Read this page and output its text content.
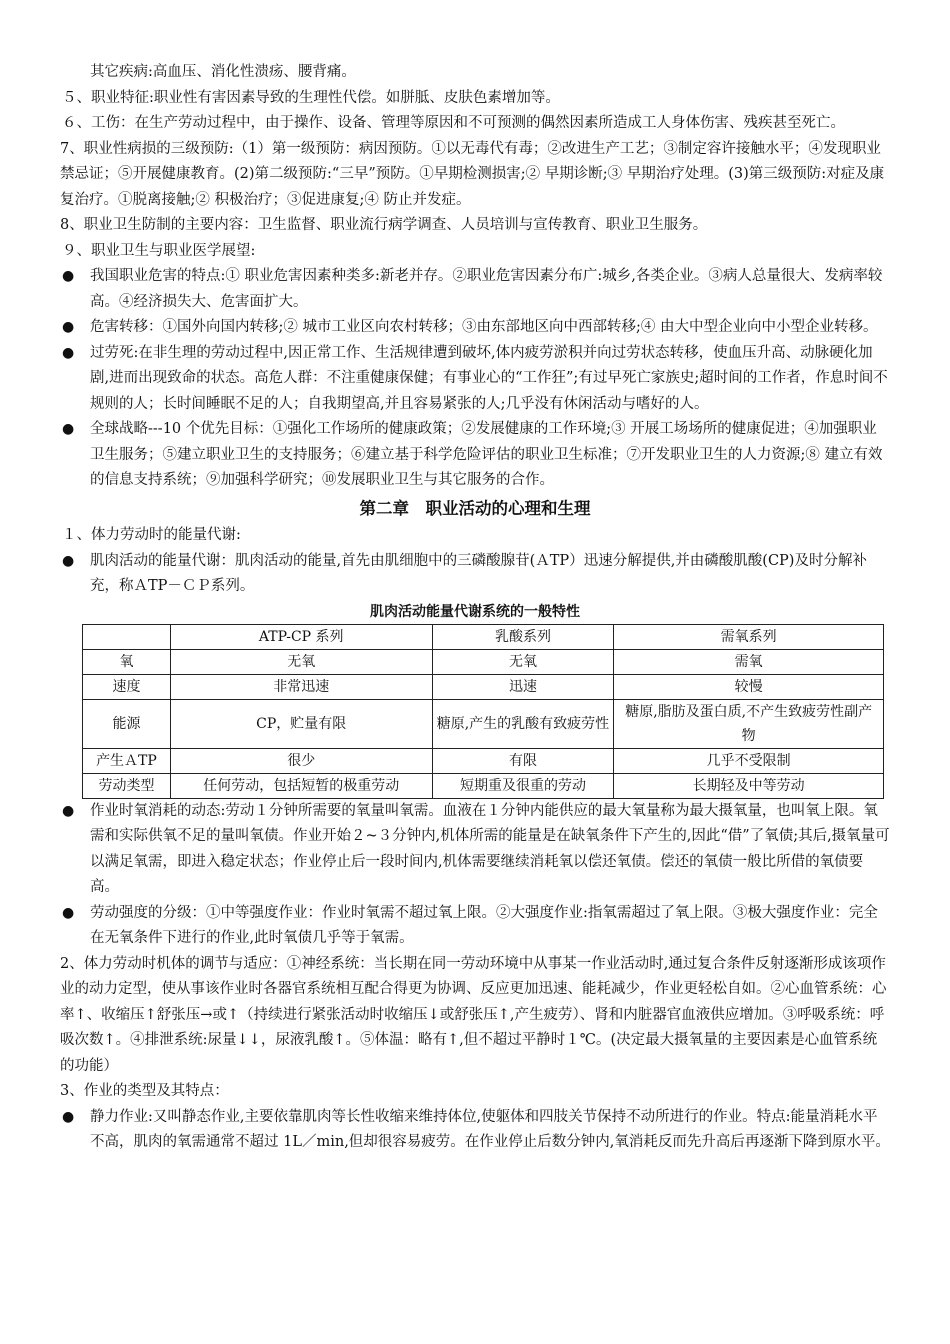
其它疾病:高血压、消化性溃疡、腰背痛。

５、职业特征:职业性有害因素导致的生理性代偿。如胼胝、皮肤色素增加等。

６、工伤：在生产劳动过程中，由于操作、设备、管理等原因和不可预测的偶然因素所造成工人身体伤害、残疾甚至死亡。

7、职业性病损的三级预防:（1）第一级预防：病因预防。①以无毒代有毒；②改进生产工艺；③制定容许接触水平；④发现职业禁忌证；⑤开展健康教育。(2)第二级预防:“三早”预防。①早期检测损害;② 早期诊断;③ 早期治疗处理。(3)第三级预防:对症及康复治疗。①脱离接触;② 积极治疗；③促进康复;④ 防止并发症。

8、职业卫生防制的主要内容：卫生监督、职业流行病学调查、人员培训与宣传教育、职业卫生服务。

９、职业卫生与职业医学展望:

● 我国职业危害的特点:① 职业危害因素种类多:新老并存。②职业危害因素分布广:城乡,各类企业。③病人总量很大、发病率较高。④经济损失大、危害面扩大。
● 危害转移：①国外向国内转移;② 城市工业区向农村转移；③由东部地区向中西部转移;④ 由大中型企业向中小型企业转移。
● 过劳死:在非生理的劳动过程中,因正常工作、生活规律遭到破坏,体内疲劳淤积并向过劳状态转移，使血压升高、动脉硬化加剧,进而出现致命的状态。高危人群：不注重健康保健；有事业心的“工作狂”;有过早死亡家族史;超时间的工作者，作息时间不规则的人；长时间睡眠不足的人；自我期望高,并且容易紧张的人;几乎没有休闲活动与嗜好的人。
● 全球战略---10 个优先目标：①强化工作场所的健康政策；②发展健康的工作环境;③ 开展工场场所的健康促进；④加强职业卫生服务；⑤建立职业卫生的支持服务；⑥建立基于科学危险评估的职业卫生标准；⑦开发职业卫生的人力资源;⑧ 建立有效的信息支持系统；⑨加强科学研究；⑩发展职业卫生与其它服务的合作。
第二章　职业活动的心理和生理

１、体力劳动时的能量代谢:

● 肌肉活动的能量代谢：肌肉活动的能量,首先由肌细胞中的三磷酸腺苷(ＡTP）迅速分解提供,并由磷酸肌酸(CP)及时分解补充，称ＡTP－ＣＰ系列。
肌肉活动能量代谢系统的一般特性
	ATP-CP 系列	乳酸系列	需氧系列
氧	无氧	无氧	需氧
速度	非常迅速	迅速	较慢
能源	CP，贮量有限	糖原,产生的乳酸有致疲劳性	糖原,脂肪及蛋白质,不产生致疲劳性副产物
产生ＡTP	很少	有限	几乎不受限制
劳动类型	任何劳动，包括短暂的极重劳动	短期重及很重的劳动	长期轻及中等劳动
● 作业时氧消耗的动态:劳动１分钟所需要的氧量叫氧需。血液在１分钟内能供应的最大氧量称为最大摄氧量，也叫氧上限。氧需和实际供氧不足的量叫氧债。作业开始２~３分钟内,机体所需的能量是在缺氧条件下产生的,因此“借”了氧债;其后,摄氧量可以满足氧需，即进入稳定状态；作业停止后一段时间内,机体需要继续消耗氧以偿还氧债。偿还的氧债一般比所借的氧债要高。
● 劳动强度的分级：①中等强度作业：作业时氧需不超过氧上限。②大强度作业:指氧需超过了氧上限。③极大强度作业：完全在无氧条件下进行的作业,此时氧债几乎等于氧需。

2、体力劳动时机体的调节与适应：①神经系统：当长期在同一劳动环境中从事某一作业活动时,通过复合条件反射逐渐形成该项作业的动力定型，使从事该作业时各器官系统相互配合得更为协调、反应更加迅速、能耗减少，作业更轻松自如。②心血管系统：心率↑、收缩压↑舒张压→或↑（持续进行紧张活动时收缩压↓或舒张压↑,产生疲劳）、肾和内脏器官血液供应增加。③呼吸系统：呼吸次数↑。④排泄系统:尿量↓↓，尿液乳酸↑。⑤体温：略有↑,但不超过平静时１℃。(决定最大摄氧量的主要因素是心血管系统的功能）

3、作业的类型及其特点：

● 静力作业:又叫静态作业,主要依靠肌肉等长性收缩来维持体位,使躯体和四肢关节保持不动所进行的作业。特点:能量消耗水平不高，肌肉的氧需通常不超过 1L／min,但却很容易疲劳。在作业停止后数分钟内,氧消耗反而先升高后再逐渐下降到原水平。
